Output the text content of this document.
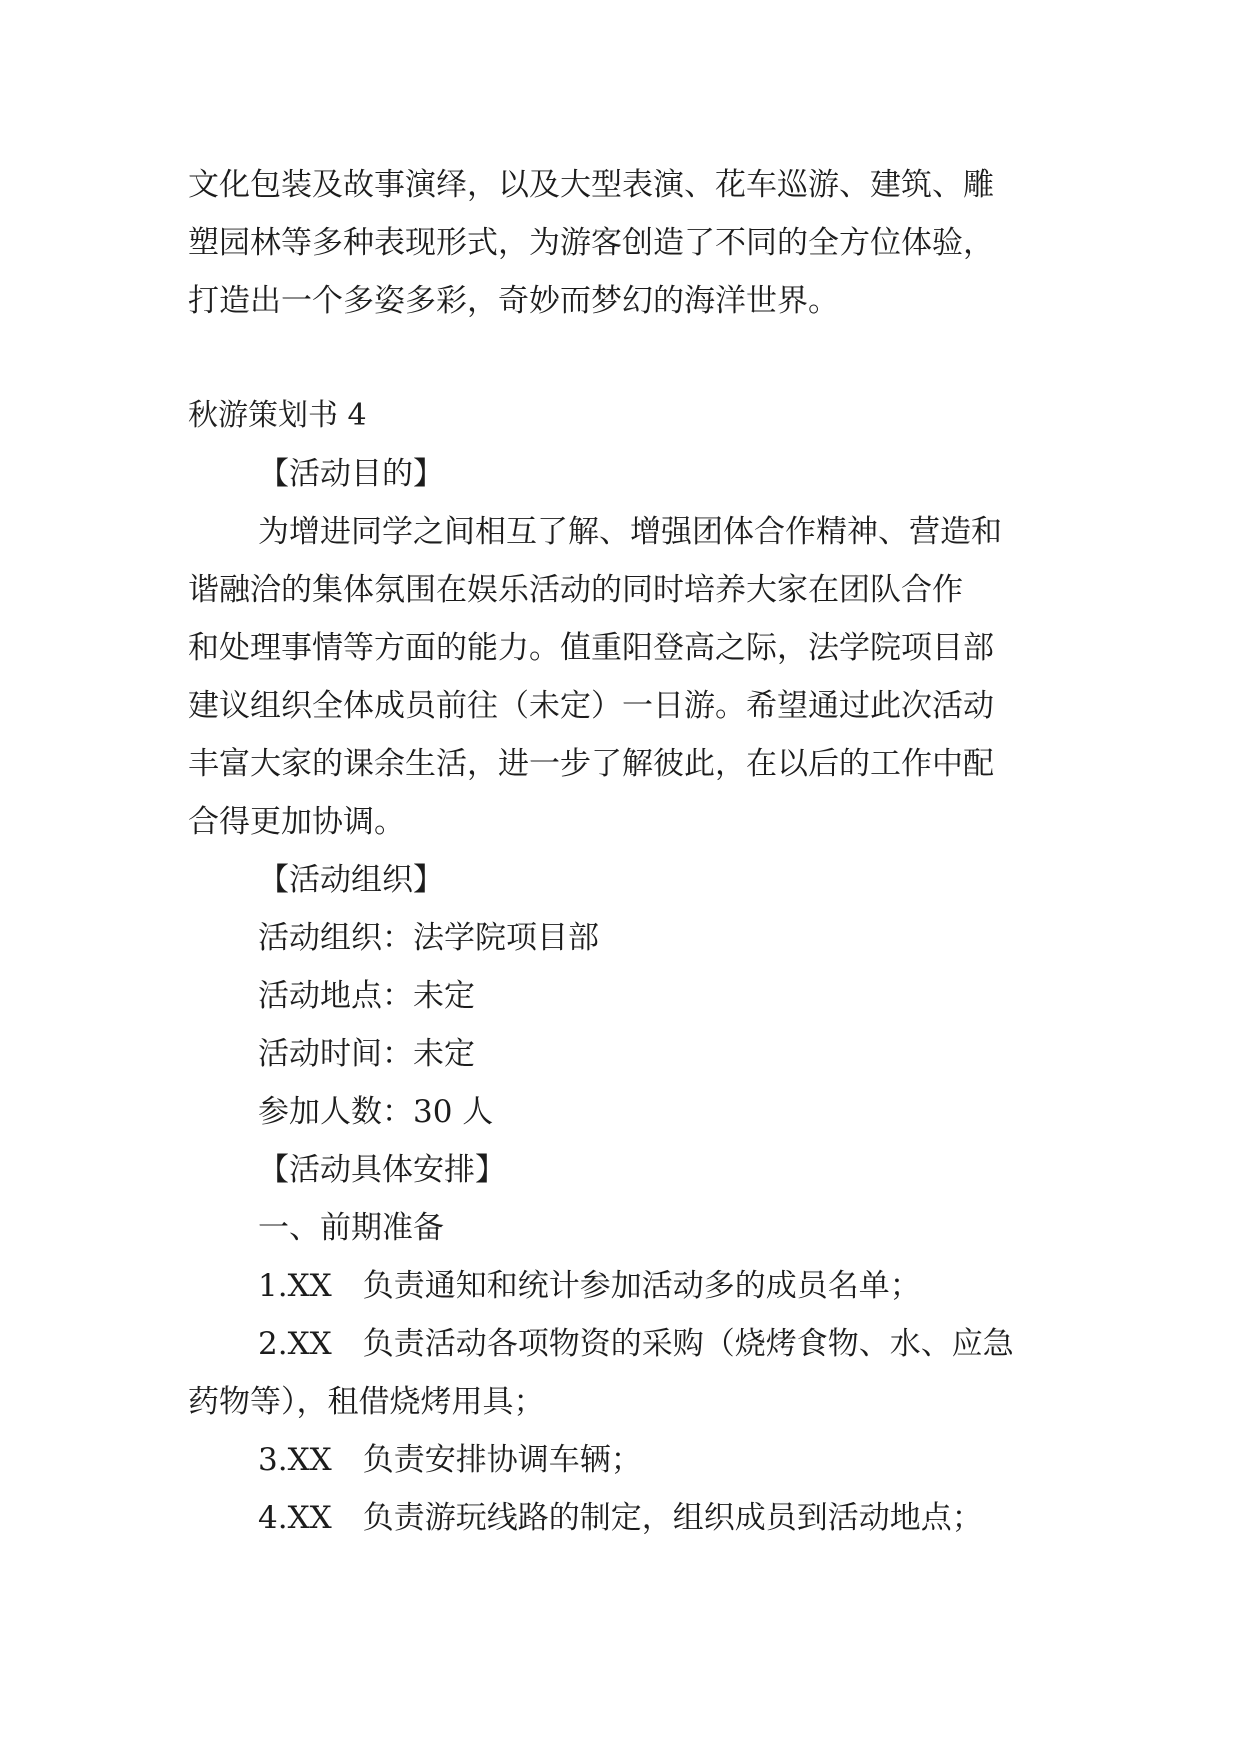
文化包装及故事演绎，以及大型表演、花车巡游、建筑、雕
塑园林等多种表现形式，为游客创造了不同的全方位体验，
打造出一个多姿多彩，奇妙而梦幻的海洋世界。
秋游策划书 4
【活动目的】
为增进同学之间相互了解、增强团体合作精神、营造和
谐融洽的集体氛围在娱乐活动的同时培养大家在团队合作
和处理事情等方面的能力。值重阳登高之际，法学院项目部
建议组织全体成员前往（未定）一日游。希望通过此次活动
丰富大家的课余生活，进一步了解彼此，在以后的工作中配
合得更加协调。
【活动组织】
活动组织：法学院项目部
活动地点：未定
活动时间：未定
参加人数：30 人
【活动具体安排】
一、前期准备
1.XX　负责通知和统计参加活动多的成员名单；
2.XX　负责活动各项物资的采购（烧烤食物、水、应急
药物等），租借烧烤用具；
3.XX　负责安排协调车辆；
4.XX　负责游玩线路的制定，组织成员到活动地点；
